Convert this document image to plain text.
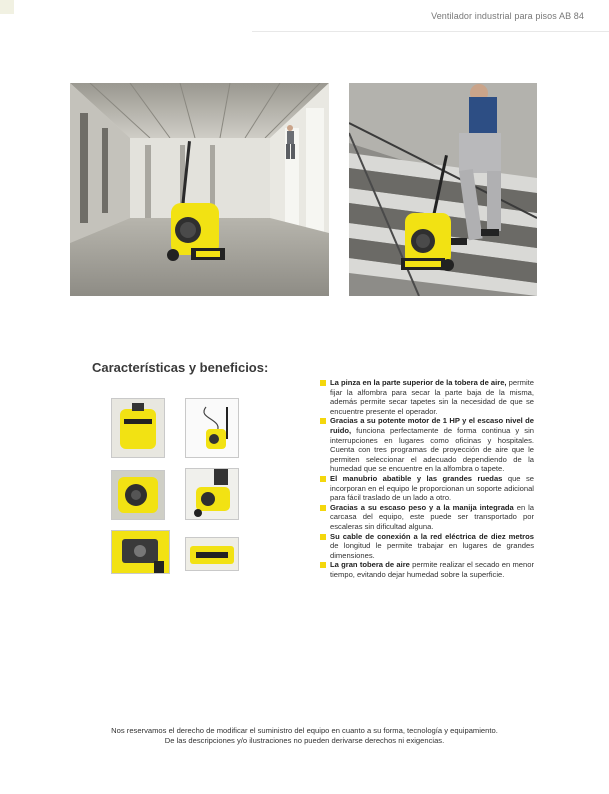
Ventilador industrial para pisos AB 84
Características y beneficios:
La pinza en la parte superior de la tobera de aire, permite fijar la alfombra para secar la parte baja de la misma, además permite secar tapetes sin la necesidad de que se encuentre presente el operador.
Gracias a su potente motor de 1 HP y el escaso nivel de ruido, funciona perfectamente de forma continua y sin interrupciones en lugares como oficinas y hospitales. Cuenta con tres programas de proyección de aire que le permiten seleccionar el adecuado dependiendo de la humedad que se encuentre en la alfombra o tapete.
El manubrio abatible y las grandes ruedas que se incorporan en el equipo le proporcionan un soporte adicional para fácil traslado de un lado a otro.
Gracias a su escaso peso y a la manija integrada en la carcasa del equipo, este puede ser transportado por escaleras sin dificultad alguna.
Su cable de conexión a la red eléctrica de diez metros de longitud le permite trabajar en lugares de grandes dimensiones.
La gran tobera de aire permite realizar el secado en menor tiempo, evitando dejar humedad sobre la superficie.
Nos reservamos el derecho de modificar el suministro del equipo en cuanto a su forma, tecnología y equipamiento.
De las descripciones y/o ilustraciones no pueden derivarse derechos ni exigencias.
